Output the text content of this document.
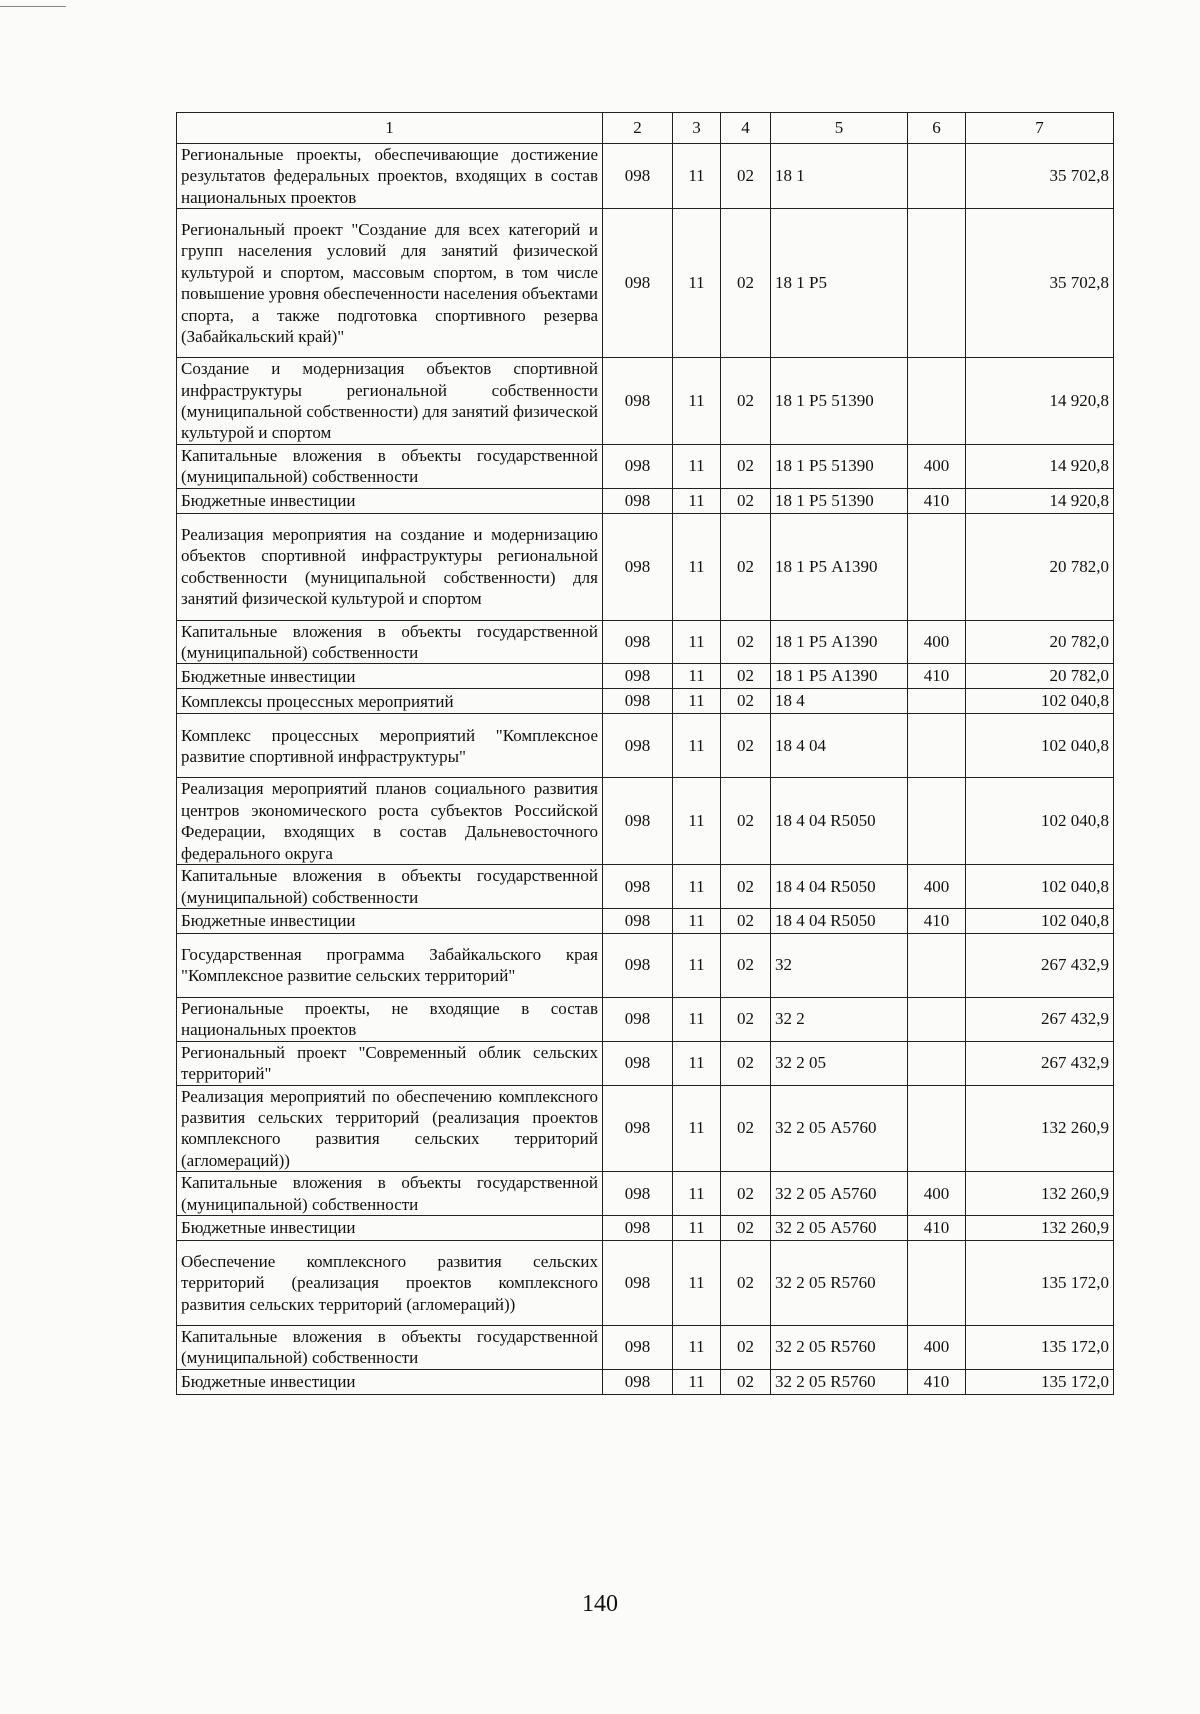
1	2	3	4	5	6	7
Региональные проекты, обеспечивающие достижение результатов федеральных проектов, входящих в состав национальных проектов	098	11	02	18 1		35 702,8
Региональный проект "Создание для всех категорий и групп населения условий для занятий физической культурой и спортом, массовым спортом, в том числе повышение уровня обеспеченности населения объектами спорта, а также подготовка спортивного резерва (Забайкальский край)"	098	11	02	18 1 Р5		35 702,8
Создание и модернизация объектов спортивной инфраструктуры региональной собственности (муниципальной собственности) для занятий физической культурой и спортом	098	11	02	18 1 Р5 51390		14 920,8
Капитальные вложения в объекты государственной (муниципальной) собственности	098	11	02	18 1 Р5 51390	400	14 920,8
Бюджетные инвестиции	098	11	02	18 1 Р5 51390	410	14 920,8
Реализация мероприятия на создание и модернизацию объектов спортивной инфраструктуры региональной собственности (муниципальной собственности) для занятий физической культурой и спортом	098	11	02	18 1 Р5 А1390		20 782,0
Капитальные вложения в объекты государственной (муниципальной) собственности	098	11	02	18 1 Р5 А1390	400	20 782,0
Бюджетные инвестиции	098	11	02	18 1 Р5 А1390	410	20 782,0
Комплексы процессных мероприятий	098	11	02	18 4		102 040,8
Комплекс процессных мероприятий "Комплексное развитие спортивной инфраструктуры"	098	11	02	18 4 04		102 040,8
Реализация мероприятий планов социального развития центров экономического роста субъектов Российской Федерации, входящих в состав Дальневосточного федерального округа	098	11	02	18 4 04 R5050		102 040,8
Капитальные вложения в объекты государственной (муниципальной) собственности	098	11	02	18 4 04 R5050	400	102 040,8
Бюджетные инвестиции	098	11	02	18 4 04 R5050	410	102 040,8
Государственная программа Забайкальского края "Комплексное развитие сельских территорий"	098	11	02	32		267 432,9
Региональные проекты, не входящие в состав национальных проектов	098	11	02	32 2		267 432,9
Региональный проект "Современный облик сельских территорий"	098	11	02	32 2 05		267 432,9
Реализация мероприятий по обеспечению комплексного развития сельских территорий (реализация проектов комплексного развития сельских территорий (агломераций))	098	11	02	32 2 05 А5760		132 260,9
Капитальные вложения в объекты государственной (муниципальной) собственности	098	11	02	32 2 05 А5760	400	132 260,9
Бюджетные инвестиции	098	11	02	32 2 05 А5760	410	132 260,9
Обеспечение комплексного развития сельских территорий (реализация проектов комплексного развития сельских территорий (агломераций))	098	11	02	32 2 05 R5760		135 172,0
Капитальные вложения в объекты государственной (муниципальной) собственности	098	11	02	32 2 05 R5760	400	135 172,0
Бюджетные инвестиции	098	11	02	32 2 05 R5760	410	135 172,0
140
